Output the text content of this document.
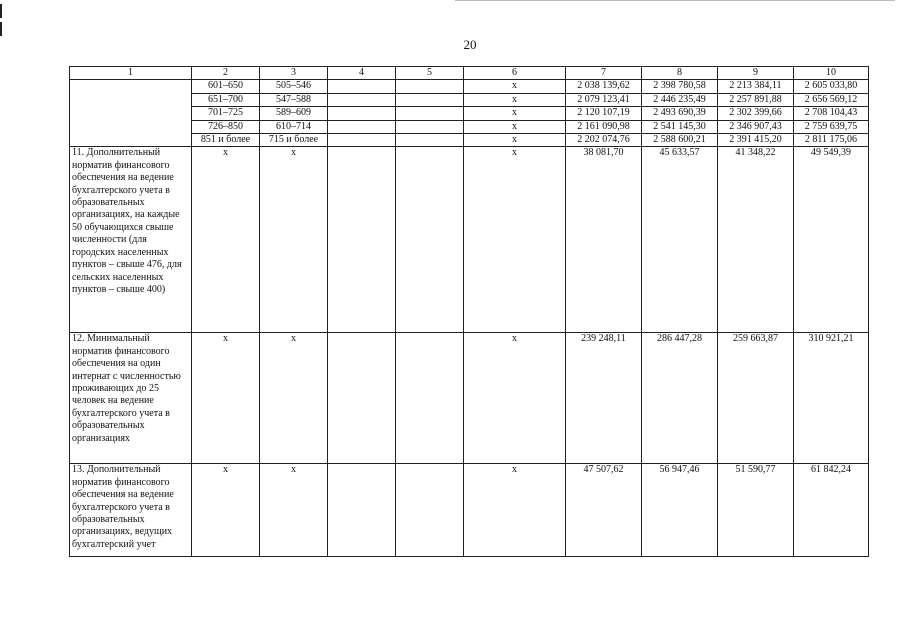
20
1	2	3	4	5	6	7	8	9	10
	601–650	505–546			х	2 038 139,62	2 398 780,58	2 213 384,11	2 605 033,80
	651–700	547–588			х	2 079 123,41	2 446 235,49	2 257 891,88	2 656 569,12
	701–725	589–609			х	2 120 107,19	2 493 690,39	2 302 399,66	2 708 104,43
	726–850	610–714			х	2 161 090,98	2 541 145,30	2 346 907,43	2 759 639,75
	851 и более	715 и более			х	2 202 074,76	2 588 600,21	2 391 415,20	2 811 175,06
11. Дополнительный норматив финансового обеспечения на ведение бухгалтерского учета в образовательных организациях, на каждые 50 обучающихся свыше численности (для городских населенных пунктов – свыше 476, для сельских населенных пунктов – свыше 400)	х	х			х	38 081,70	45 633,57	41 348,22	49 549,39
12. Минимальный норматив финансового обеспечения на один интернат с численностью проживающих до 25 человек на ведение бухгалтерского учета в образовательных организациях	х	х			х	239 248,11	286 447,28	259 663,87	310 921,21
13. Дополнительный норматив финансового обеспечения на ведение бухгалтерского учета в образовательных организациях, ведущих бухгалтерский учет	х	х			х	47 507,62	56 947,46	51 590,77	61 842,24
